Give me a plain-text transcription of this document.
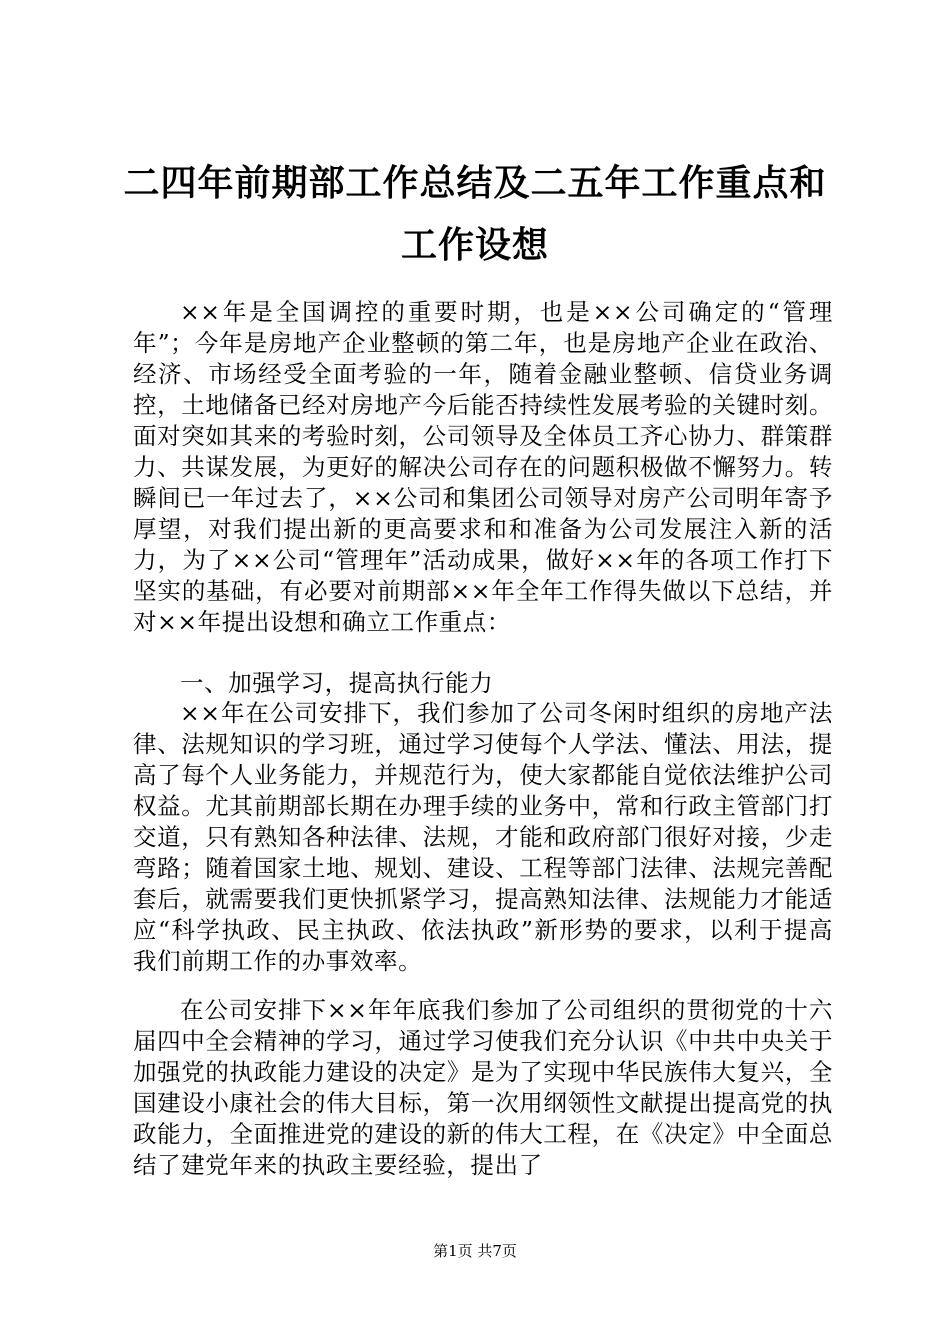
二四年前期部工作总结及二五年工作重点和工作设想

××年是全国调控的重要时期，也是××公司确定的“管理年”；今年是房地产企业整顿的第二年，也是房地产企业在政治、经济、市场经受全面考验的一年，随着金融业整顿、信贷业务调控，土地储备已经对房地产今后能否持续性发展考验的关键时刻。面对突如其来的考验时刻，公司领导及全体员工齐心协力、群策群力、共谋发展，为更好的解决公司存在的问题积极做不懈努力。转瞬间已一年过去了，××公司和集团公司领导对房产公司明年寄予厚望，对我们提出新的更高要求和和准备为公司发展注入新的活力，为了××公司“管理年”活动成果，做好××年的各项工作打下坚实的基础，有必要对前期部××年全年工作得失做以下总结，并对××年提出设想和确立工作重点：

一、加强学习，提高执行能力

××年在公司安排下，我们参加了公司冬闲时组织的房地产法律、法规知识的学习班，通过学习使每个人学法、懂法、用法，提高了每个人业务能力，并规范行为，使大家都能自觉依法维护公司权益。尤其前期部长期在办理手续的业务中，常和行政主管部门打交道，只有熟知各种法律、法规，才能和政府部门很好对接，少走弯路；随着国家土地、规划、建设、工程等部门法律、法规完善配套后，就需要我们更快抓紧学习，提高熟知法律、法规能力才能适应“科学执政、民主执政、依法执政”新形势的要求，以利于提高我们前期工作的办事效率。

在公司安排下××年年底我们参加了公司组织的贯彻党的十六届四中全会精神的学习，通过学习使我们充分认识《中共中央关于加强党的执政能力建设的决定》是为了实现中华民族伟大复兴，全国建设小康社会的伟大目标，第一次用纲领性文献提出提高党的执政能力，全面推进党的建设的新的伟大工程，在《决定》中全面总结了建党年来的执政主要经验，提出了

第1页 共7页
